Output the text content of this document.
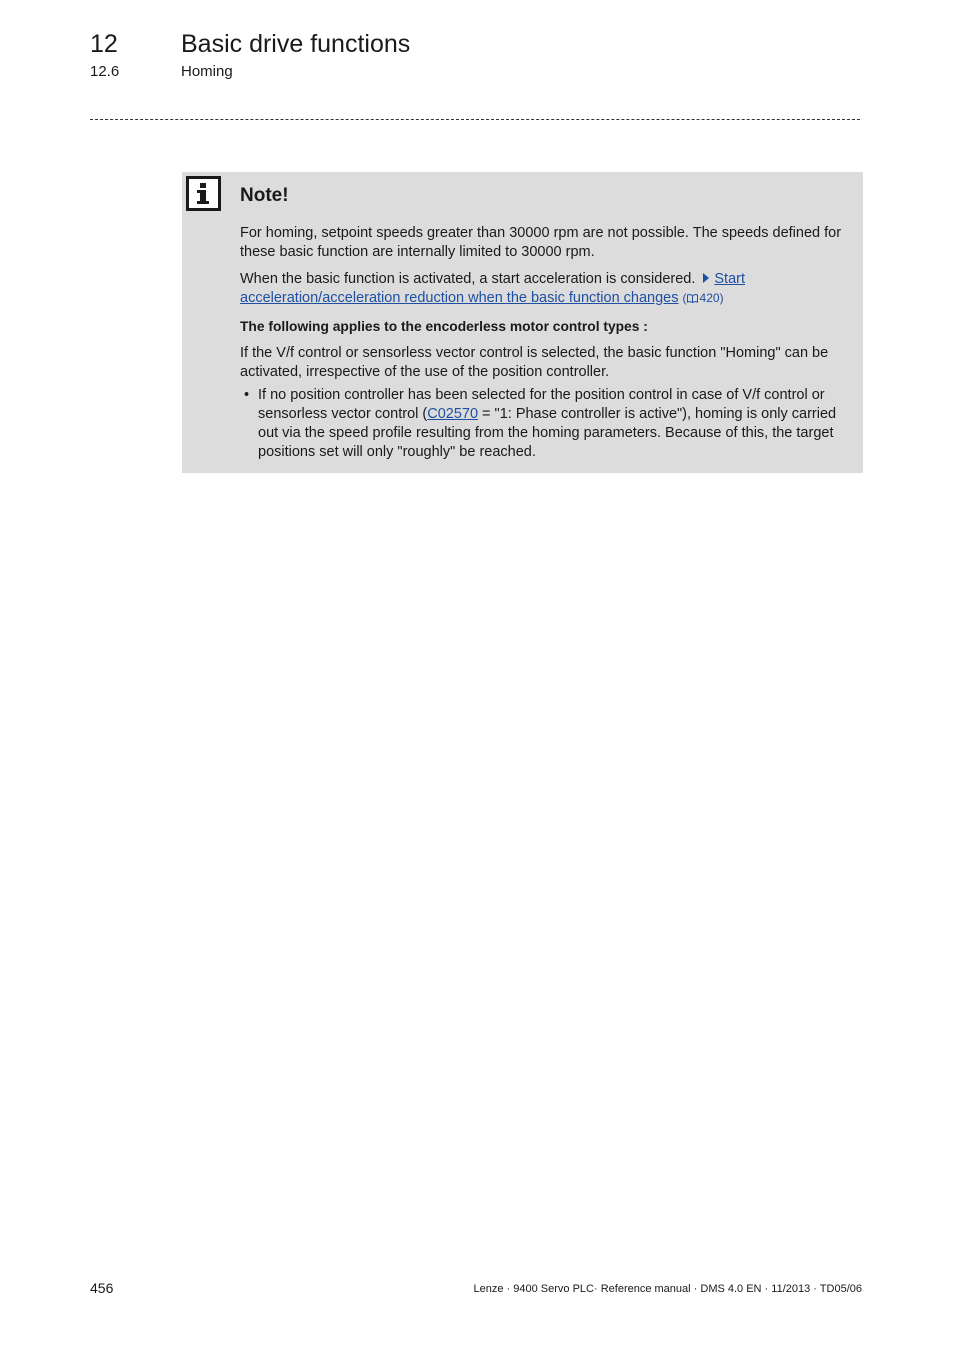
12	Basic drive functions
12.6	Homing
Note!

For homing, setpoint speeds greater than 30000 rpm are not possible. The speeds defined for these basic function are internally limited to 30000 rpm.

When the basic function is activated, a start acceleration is considered. Start acceleration/acceleration reduction when the basic function changes ( 420)

The following applies to the encoderless motor control types :

If the V/f control or sensorless vector control is selected, the basic function "Homing" can be activated, irrespective of the use of the position controller.

• If no position controller has been selected for the position control in case of V/f control or sensorless vector control (C02570 = "1: Phase controller is active"), homing is only carried out via the speed profile resulting from the homing parameters. Because of this, the target positions set will only "roughly" be reached.
456	Lenze · 9400 Servo PLC· Reference manual · DMS 4.0 EN · 11/2013 · TD05/06
